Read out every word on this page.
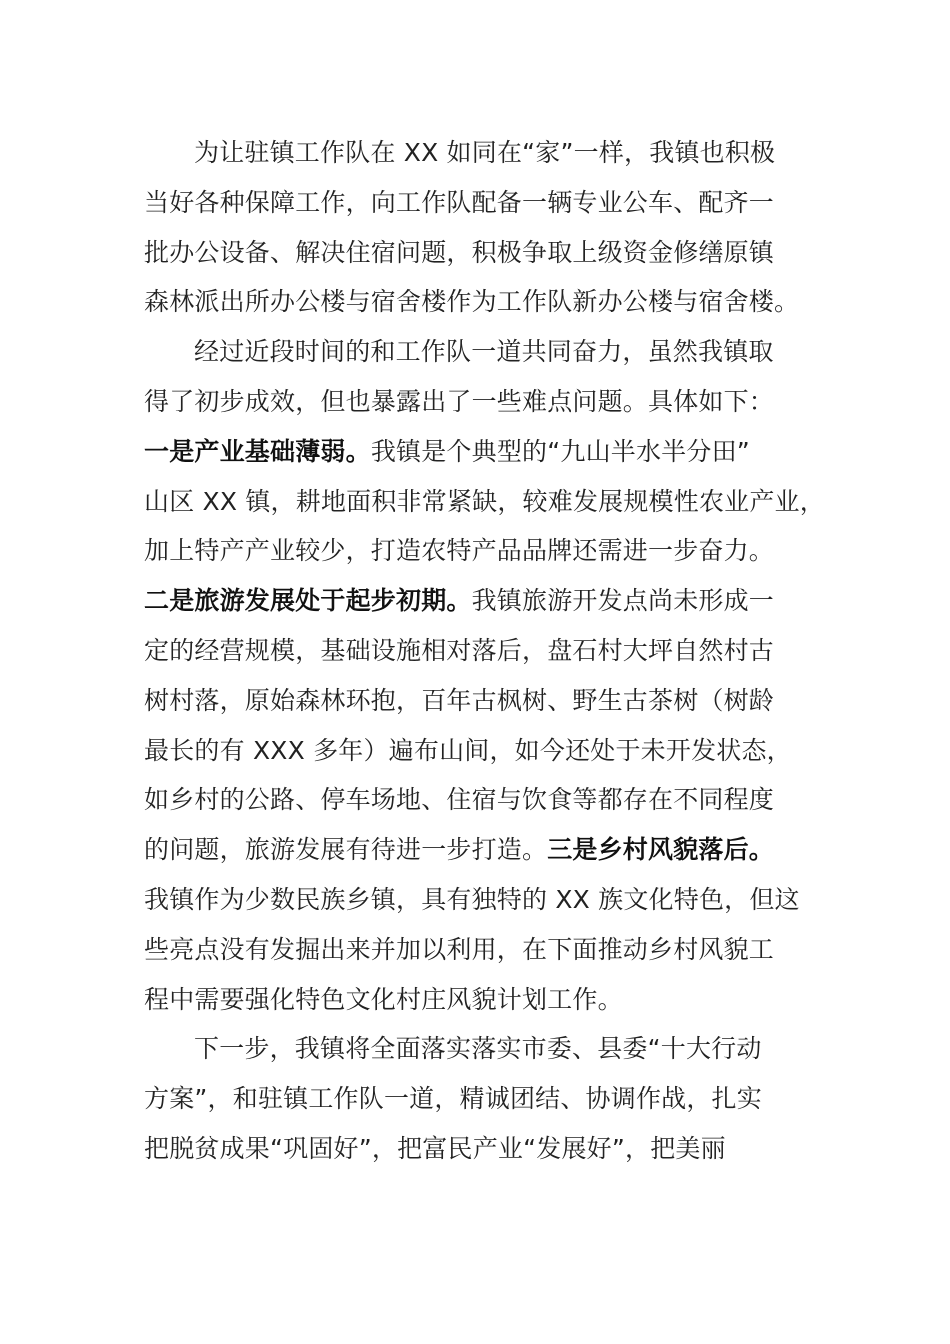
为让驻镇工作队在 XX 如同在“家”一样，我镇也积极
当好各种保障工作，向工作队配备一辆专业公车、配齐一
批办公设备、解决住宿问题，积极争取上级资金修缮原镇
森林派出所办公楼与宿舍楼作为工作队新办公楼与宿舍楼。
经过近段时间的和工作队一道共同奋力，虽然我镇取
得了初步成效，但也暴露出了一些难点问题。具体如下：
一是产业基础薄弱。我镇是个典型的“九山半水半分田”
山区 XX 镇，耕地面积非常紧缺，较难发展规模性农业产业，
加上特产产业较少，打造农特产品品牌还需进一步奋力。
二是旅游发展处于起步初期。我镇旅游开发点尚未形成一
定的经营规模，基础设施相对落后，盘石村大坪自然村古
树村落，原始森林环抱，百年古枫树、野生古茶树（树龄
最长的有 XXX 多年）遍布山间，如今还处于未开发状态，
如乡村的公路、停车场地、住宿与饮食等都存在不同程度
的问题，旅游发展有待进一步打造。三是乡村风貌落后。
我镇作为少数民族乡镇，具有独特的 XX 族文化特色，但这
些亮点没有发掘出来并加以利用，在下面推动乡村风貌工
程中需要强化特色文化村庄风貌计划工作。
下一步，我镇将全面落实落实市委、县委“十大行动
方案”，和驻镇工作队一道，精诚团结、协调作战，扎实
把脱贫成果“巩固好”，把富民产业“发展好”，把美丽
